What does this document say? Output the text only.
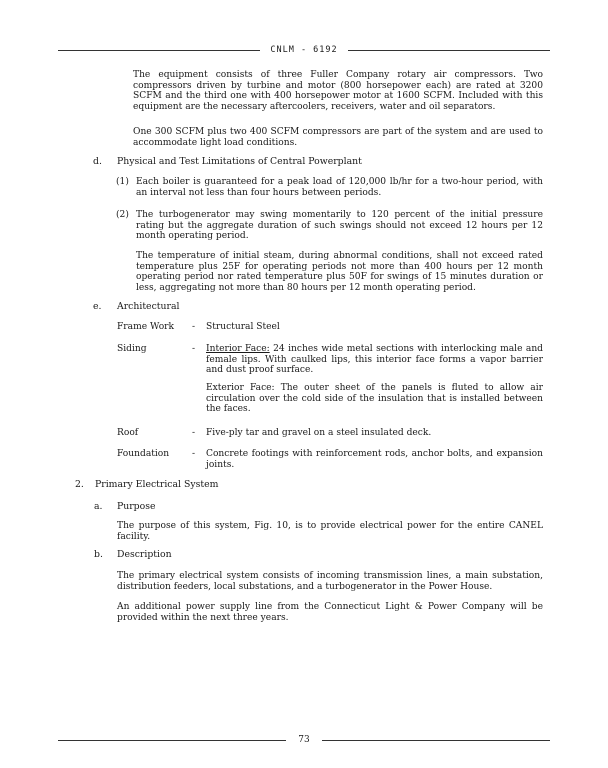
CNLM - 6192

The equipment consists of three Fuller Company rotary air compressors. Two compressors driven by turbine and motor (800 horsepower each) are rated at 3200 SCFM and the third one with 400 horsepower motor at 1600 SCFM. Included with this equipment are the necessary aftercoolers, receivers, water and oil separators.

One 300 SCFM plus two 400 SCFM compressors are part of the system and are used to accommodate light load conditions.

d. Physical and Test Limitations of Central Powerplant
(1) Each boiler is guaranteed for a peak load of 120,000 lb/hr for a two-hour period, with an interval not less than four hours between periods.

(2) The turbogenerator may swing momentarily to 120 percent of the initial pressure rating but the aggregate duration of such swings should not exceed 12 hours per 12 month operating period.

The temperature of initial steam, during abnormal conditions, shall not exceed rated temperature plus 25F for operating periods not more than 400 hours per 12 month operating period nor rated temperature plus 50F for swings of 15 minutes duration or less, aggregating not more than 80 hours per 12 month operating period.

e. Architectural
Frame Work - Structural Steel
Siding	- Interior Face: 24 inches wide metal sections with interlocking male and female lips. With caulked lips, this interior face forms a vapor barrier and dust proof surface.

Exterior Face: The outer sheet of the panels is fluted to allow air circulation over the cold side of the insulation that is installed between the faces.

Roof	- Five-ply tar and gravel on a steel insulated deck.

Foundation	- Concrete footings with reinforcement rods, anchor bolts, and expansion joints.

2. Primary Electrical System
a. Purpose

The purpose of this system, Fig. 10, is to provide electrical power for the entire CANEL facility.

b. Description

The primary electrical system consists of incoming transmission lines, a main substation, distribution feeders, local substations, and a turbogenerator in the Power House.

An additional power supply line from the Connecticut Light & Power Company will be provided within the next three years.

73
